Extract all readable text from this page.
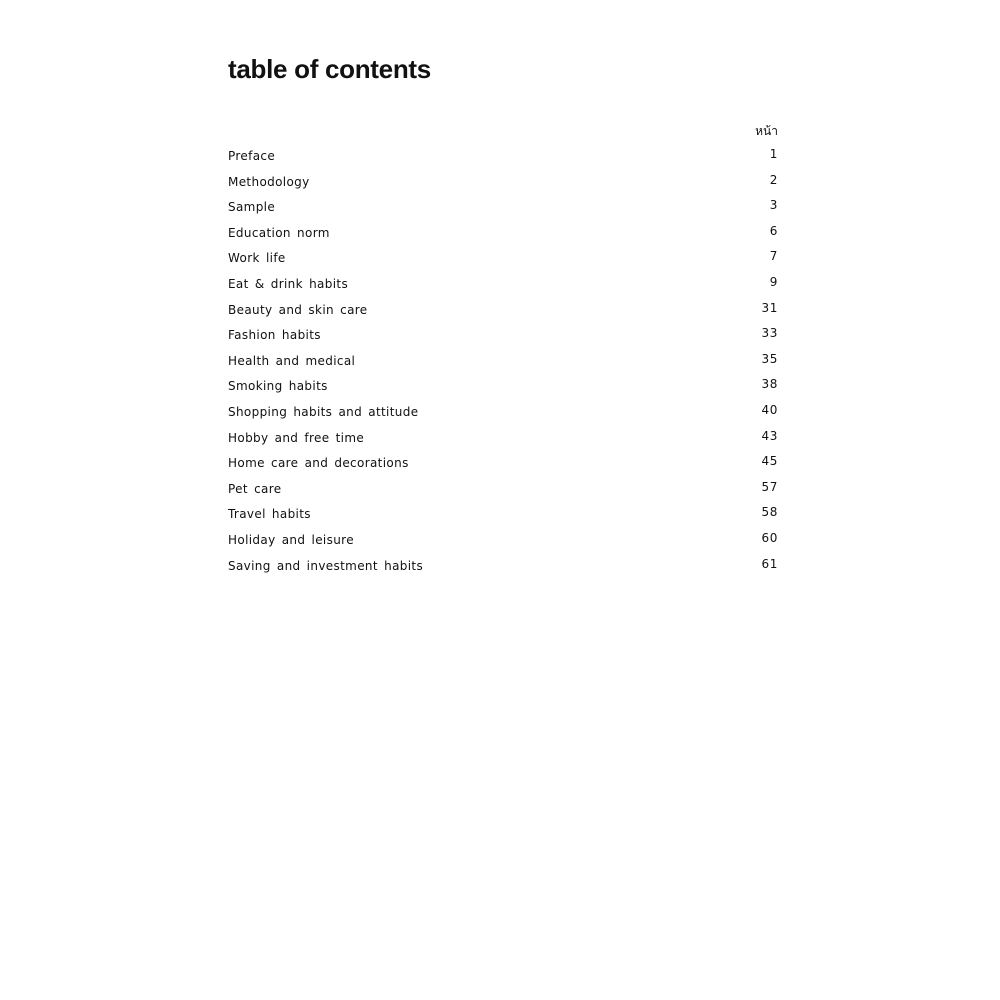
table of contents
หน้า
Preface	1
Methodology	2
Sample	3
Education norm	6
Work life	7
Eat & drink habits	9
Beauty and skin care	31
Fashion habits	33
Health and medical	35
Smoking habits	38
Shopping habits and attitude	40
Hobby and free time	43
Home care and decorations	45
Pet care	57
Travel habits	58
Holiday and leisure	60
Saving and investment habits	61
